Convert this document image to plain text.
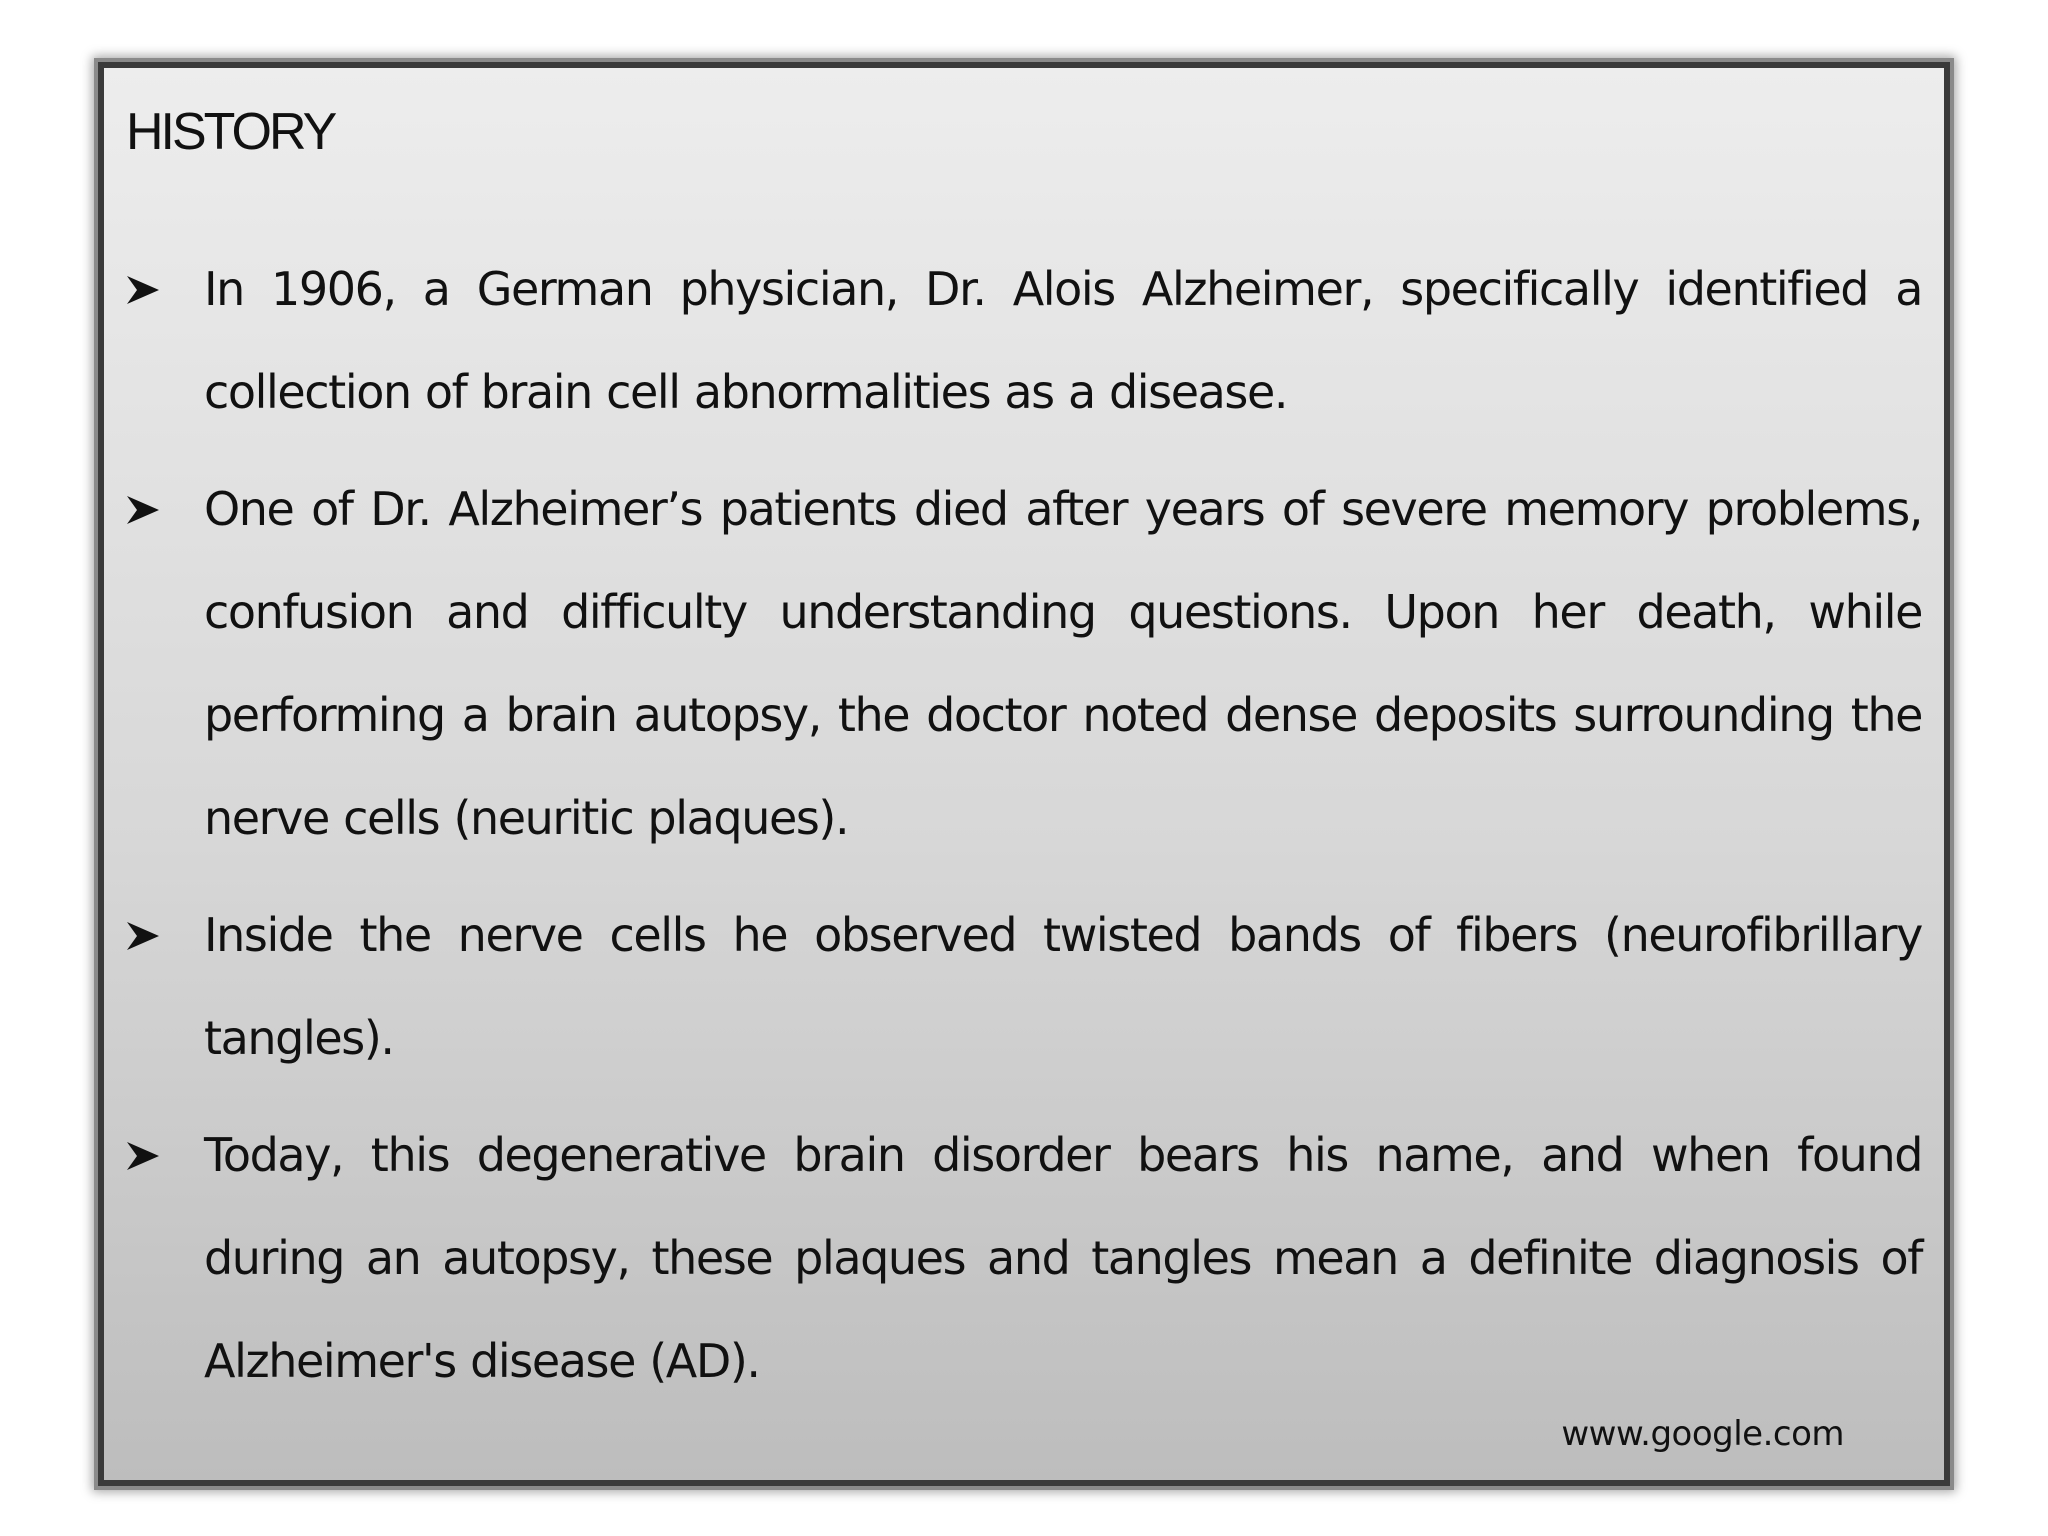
HISTORY
In 1906, a German physician, Dr. Alois Alzheimer, specifically identified a collection of brain cell abnormalities as a disease.
One of Dr. Alzheimer’s patients died after years of severe memory problems, confusion and difficulty understanding questions. Upon her death, while performing a brain autopsy, the doctor noted dense deposits surrounding the nerve cells (neuritic plaques).
Inside the nerve cells he observed twisted bands of fibers (neurofibrillary tangles).
Today, this degenerative brain disorder bears his name, and when found during an autopsy, these plaques and tangles mean a definite diagnosis of Alzheimer's disease (AD).
www.google.com
